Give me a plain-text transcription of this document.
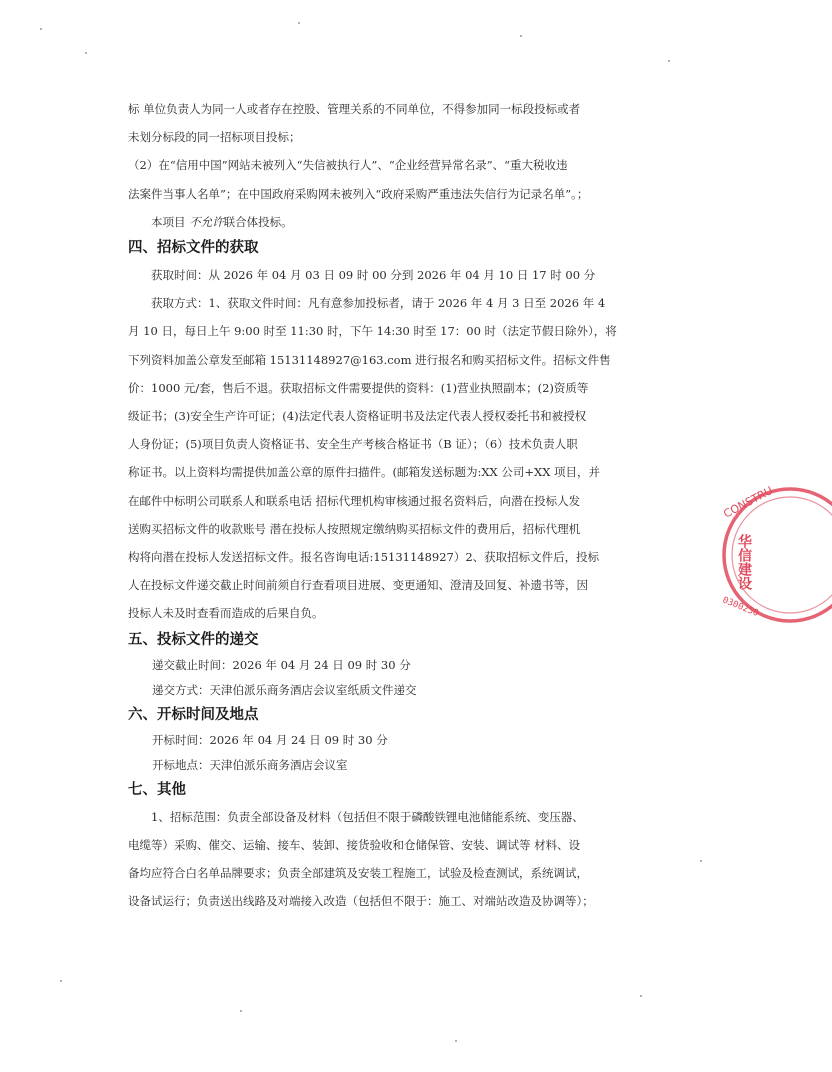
标 单位负责人为同一人或者存在控股、管理关系的不同单位，不得参加同一标段投标或者

未划分标段的同一招标项目投标；

（2）在“信用中国”网站未被列入“失信被执行人”、“企业经营异常名录”、“重大税收违

法案件当事人名单”；在中国政府采购网未被列入“政府采购严重违法失信行为记录名单”。；

本项目 不允许联合体投标。

四、招标文件的获取

获取时间：从 2026 年 04 月 03 日 09 时 00 分到 2026 年 04 月 10 日 17 时 00 分

获取方式：1、获取文件时间：凡有意参加投标者，请于 2026 年 4 月 3 日至 2026 年 4

月 10 日，每日上午 9:00 时至 11:30 时，下午 14:30 时至 17：00 时（法定节假日除外），将

下列资料加盖公章发至邮箱 15131148927@163.com 进行报名和购买招标文件。招标文件售

价：1000 元/套，售后不退。获取招标文件需要提供的资料：(1)营业执照副本；(2)资质等

级证书；(3)安全生产许可证；(4)法定代表人资格证明书及法定代表人授权委托书和被授权

人身份证；(5)项目负责人资格证书、安全生产考核合格证书（B 证）；（6）技术负责人职

称证书。以上资料均需提供加盖公章的原件扫描件。(邮箱发送标题为:XX 公司+XX 项目，并

在邮件中标明公司联系人和联系电话 招标代理机构审核通过报名资料后，向潜在投标人发

送购买招标文件的收款账号 潜在投标人按照规定缴纳购买招标文件的费用后，招标代理机

构将向潜在投标人发送招标文件。报名咨询电话:15131148927）2、获取招标文件后，投标

人在投标文件递交截止时间前须自行查看项目进展、变更通知、澄清及回复、补遗书等，因

投标人未及时查看而造成的后果自负。

五、投标文件的递交

递交截止时间：2026 年 04 月 24 日 09 时 30 分

递交方式：天津伯派乐商务酒店会议室纸质文件递交

六、开标时间及地点

开标时间：2026 年 04 月 24 日 09 时 30 分

开标地点：天津伯派乐商务酒店会议室

七、其他

1、招标范围：负责全部设备及材料（包括但不限于磷酸铁锂电池储能系统、变压器、

电缆等）采购、催交、运输、接车、装卸、接货验收和仓储保管、安装、调试等 材料、设

备均应符合白名单品牌要求；负责全部建筑及安装工程施工，试验及检查测试，系统调试，

设备试运行；负责送出线路及对端接入改造（包括但不限于：施工、对端站改造及协调等）；

CONSTRU
华信建设
0300250
